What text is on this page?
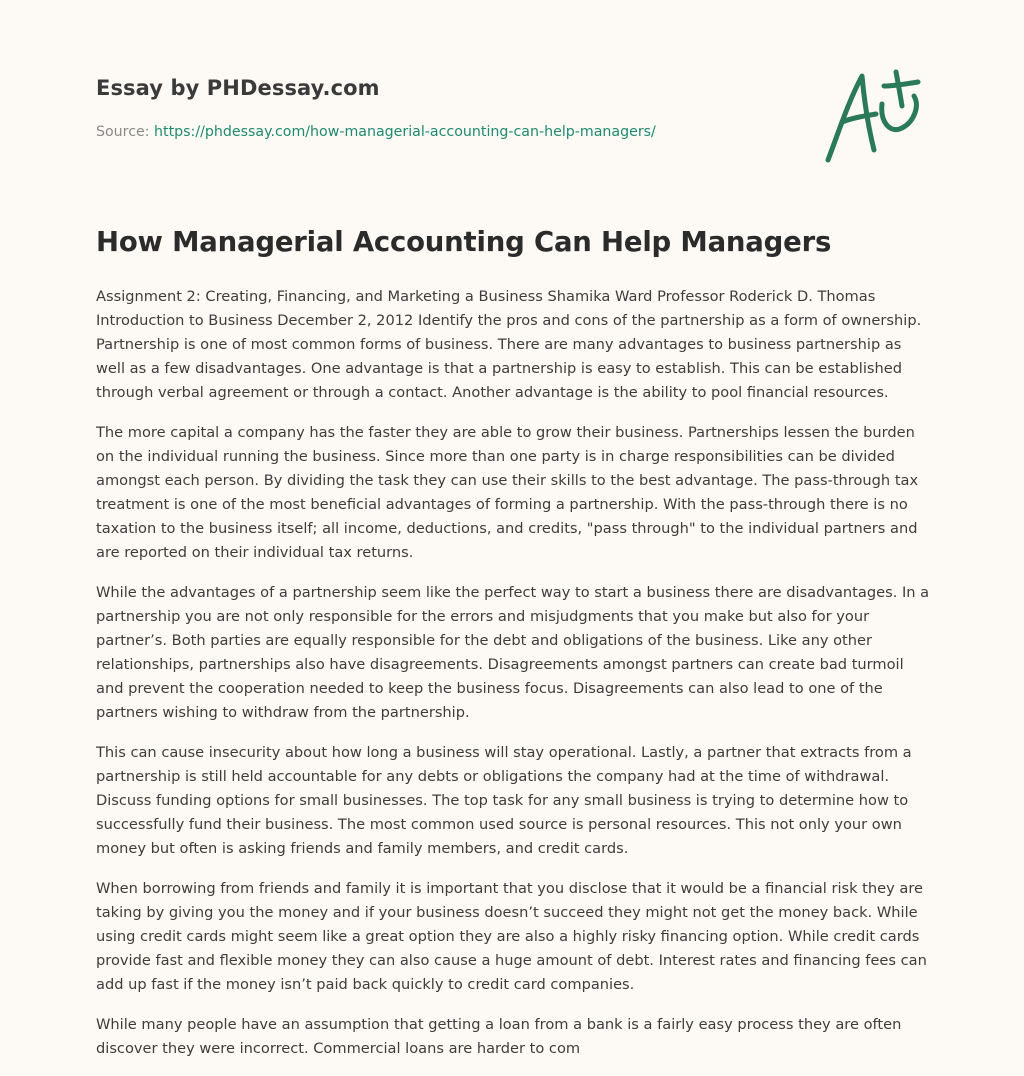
Essay by PHDessay.com
Source: https://phdessay.com/how-managerial-accounting-can-help-managers/
How Managerial Accounting Can Help Managers

Assignment 2: Creating, Financing, and Marketing a Business Shamika Ward Professor Roderick D. Thomas Introduction to Business December 2, 2012 Identify the pros and cons of the partnership as a form of ownership. Partnership is one of most common forms of business. There are many advantages to business partnership as well as a few disadvantages. One advantage is that a partnership is easy to establish. This can be established through verbal agreement or through a contact. Another advantage is the ability to pool financial resources.

The more capital a company has the faster they are able to grow their business. Partnerships lessen the burden on the individual running the business. Since more than one party is in charge responsibilities can be divided amongst each person. By dividing the task they can use their skills to the best advantage. The pass-through tax treatment is one of the most beneficial advantages of forming a partnership. With the pass-through there is no taxation to the business itself; all income, deductions, and credits, "pass through" to the individual partners and are reported on their individual tax returns.

While the advantages of a partnership seem like the perfect way to start a business there are disadvantages. In a partnership you are not only responsible for the errors and misjudgments that you make but also for your partner’s. Both parties are equally responsible for the debt and obligations of the business. Like any other relationships, partnerships also have disagreements. Disagreements amongst partners can create bad turmoil and prevent the cooperation needed to keep the business focus. Disagreements can also lead to one of the partners wishing to withdraw from the partnership.

This can cause insecurity about how long a business will stay operational. Lastly, a partner that extracts from a partnership is still held accountable for any debts or obligations the company had at the time of withdrawal. Discuss funding options for small businesses. The top task for any small business is trying to determine how to successfully fund their business. The most common used source is personal resources. This not only your own money but often is asking friends and family members, and credit cards.

When borrowing from friends and family it is important that you disclose that it would be a financial risk they are taking by giving you the money and if your business doesn’t succeed they might not get the money back. While using credit cards might seem like a great option they are also a highly risky financing option. While credit cards provide fast and flexible money they can also cause a huge amount of debt. Interest rates and financing fees can add up fast if the money isn’t paid back quickly to credit card companies.

While many people have an assumption that getting a loan from a bank is a fairly easy process they are often discover they were incorrect. Commercial loans are harder to com
